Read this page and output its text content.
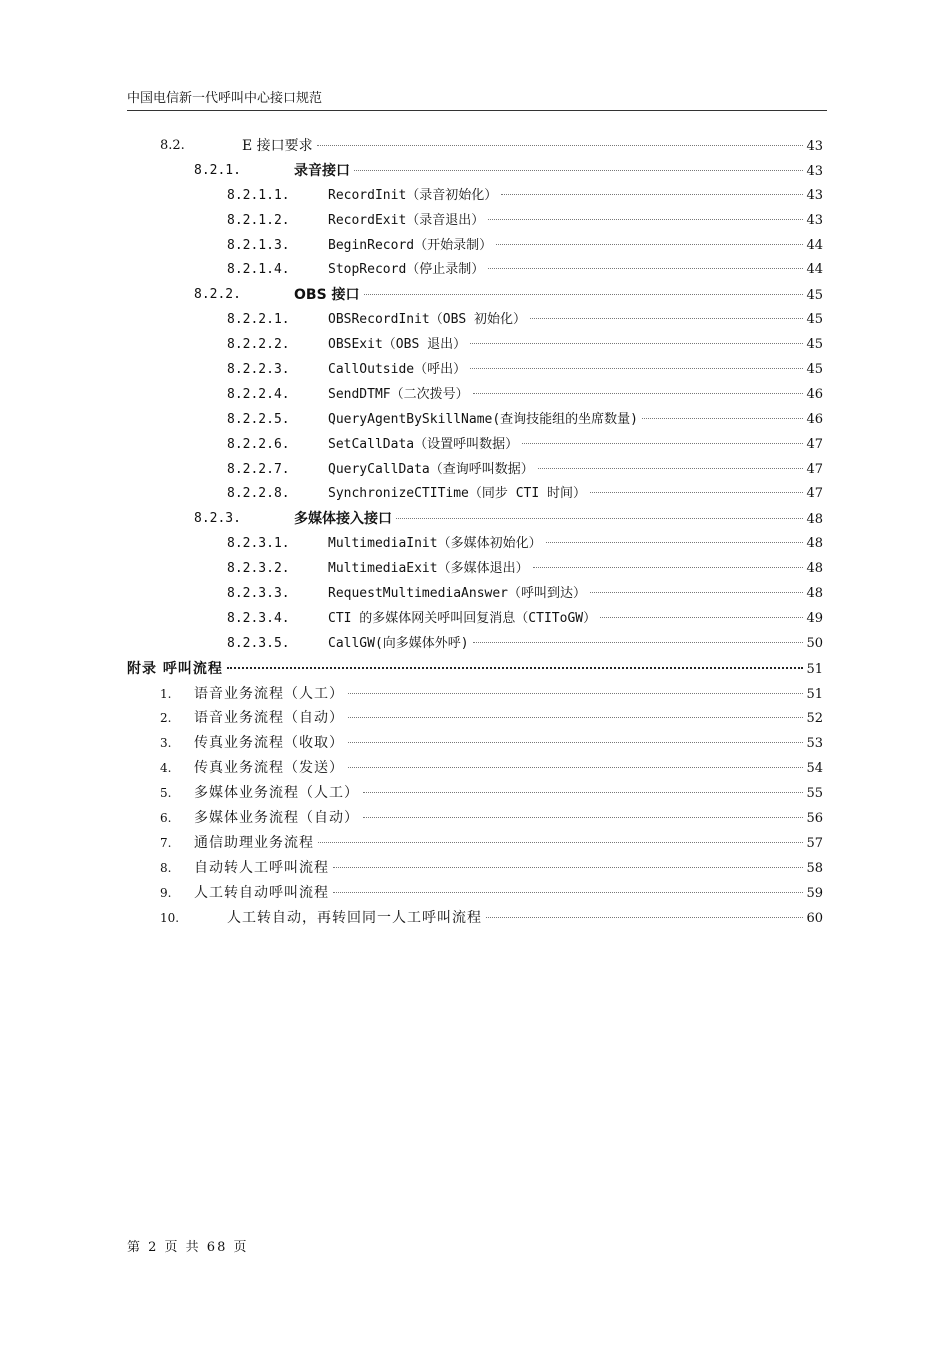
中国电信新一代呼叫中心接口规范
8.2.	E 接口要求	43
8.2.1.	录音接口	43
8.2.1.1.	RecordInit（录音初始化）	43
8.2.1.2.	RecordExit（录音退出）	43
8.2.1.3.	BeginRecord（开始录制）	44
8.2.1.4.	StopRecord（停止录制）	44
8.2.2.	OBS 接口	45
8.2.2.1.	OBSRecordInit（OBS 初始化）	45
8.2.2.2.	OBSExit（OBS 退出）	45
8.2.2.3.	CallOutside（呼出）	45
8.2.2.4.	SendDTMF（二次拨号）	46
8.2.2.5.	QueryAgentBySkillName(查询技能组的坐席数量)	46
8.2.2.6.	SetCallData（设置呼叫数据）	47
8.2.2.7.	QueryCallData（查询呼叫数据）	47
8.2.2.8.	SynchronizeCTITime（同步 CTI 时间）	47
8.2.3.	多媒体接入接口	48
8.2.3.1.	MultimediaInit（多媒体初始化）	48
8.2.3.2.	MultimediaExit（多媒体退出）	48
8.2.3.3.	RequestMultimediaAnswer（呼叫到达）	48
8.2.3.4.	CTI 的多媒体网关呼叫回复消息（CTIToGW）	49
8.2.3.5.	CallGW(向多媒体外呼)	50
附录 呼叫流程	51
1. 语音业务流程（人工）	51
2. 语音业务流程（自动）	52
3. 传真业务流程（收取）	53
4. 传真业务流程（发送）	54
5. 多媒体业务流程（人工）	55
6. 多媒体业务流程（自动）	56
7. 通信助理业务流程	57
8. 自动转人工呼叫流程	58
9. 人工转自动呼叫流程	59
10.	人工转自动，再转回同一人工呼叫流程	60
第 2 页 共 68 页
